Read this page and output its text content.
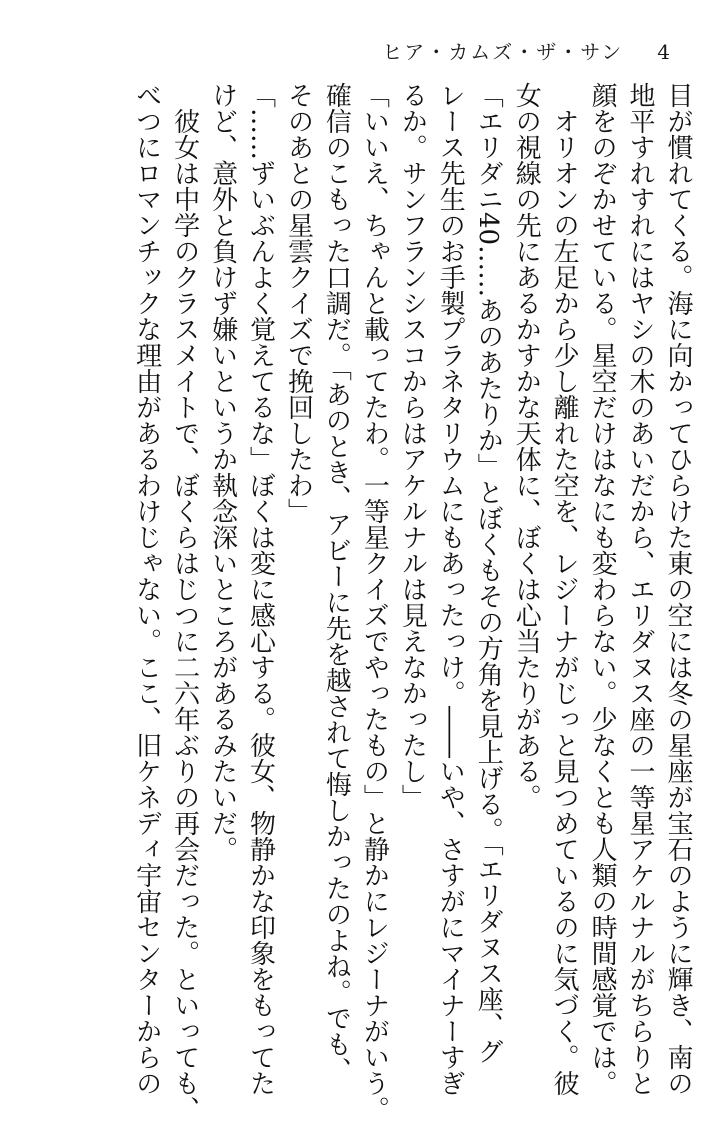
ヒア・カムズ・ザ・サン 4

目が慣れてくる。海に向かってひらけた東の空には冬の星座が宝石のように輝き、南の

地平すれすれにはヤシの木のあいだから、エリダヌス座の一等星アケルナルがちらりと

顔をのぞかせている。星空だけはなにも変わらない。少なくとも人類の時間感覚では。

　オリオンの左足から少し離れた空を、レジーナがじっと見つめているのに気づく。彼

女の視線の先にあるかすかな天体に、ぼくは心当たりがある。

「エリダニ40……あのあたりか」とぼくもその方角を見上げる。「エリダヌス座、グ

レース先生のお手製プラネタリウムにもあったっけ。――いや、さすがにマイナーすぎ

るか。サンフランシスコからはアケルナルは見えなかったし」

「いいえ、ちゃんと載ってたわ。一等星クイズでやったもの」と静かにレジーナがいう。

確信のこもった口調だ。「あのとき、アビーに先を越されて悔しかったのよね。でも、

そのあとの星雲クイズで挽回したわ」

「……ずいぶんよく覚えてるな」ぼくは変に感心する。彼女、物静かな印象をもってた

けど、意外と負けず嫌いというか執念深いところがあるみたいだ。

　彼女は中学のクラスメイトで、ぼくらはじつに二六年ぶりの再会だった。といっても、

べつにロマンチックな理由があるわけじゃない。ここ、旧ケネディ宇宙センターからの
